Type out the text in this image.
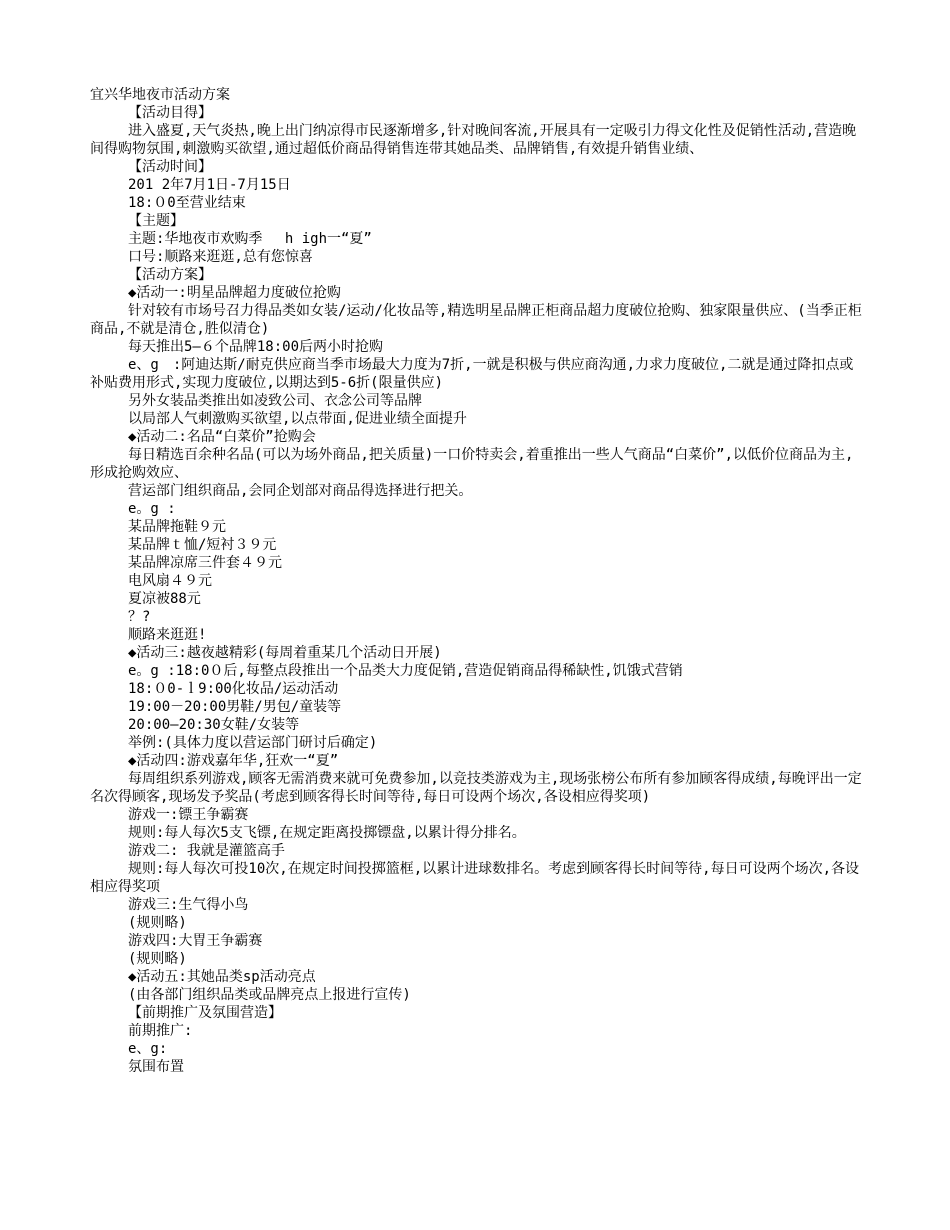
宜兴华地夜市活动方案

【活动目得】

进入盛夏,天气炎热,晚上出门纳凉得市民逐渐增多,针对晚间客流,开展具有一定吸引力得文化性及促销性活动,营造晚间得购物氛围,刺激购买欲望,通过超低价商品得销售连带其她品类、品牌销售,有效提升销售业绩、

【活动时间】

201 2年7月1日-7月15日

18:０0至营业结束

【主题】

主题:华地夜市欢购季　 h igh一“夏”

口号:顺路来逛逛,总有您惊喜

【活动方案】

◆活动一:明星品牌超力度破位抢购

针对较有市场号召力得品类如女装/运动/化妆品等,精选明星品牌正柜商品超力度破位抢购、独家限量供应、(当季正柜商品,不就是清仓,胜似清仓)

每天推出5—６个品牌18:00后两小时抢购

e、g　:阿迪达斯/耐克供应商当季市场最大力度为7折,一就是积极与供应商沟通,力求力度破位,二就是通过降扣点或补贴费用形式,实现力度破位,以期达到5-6折(限量供应)

另外女装品类推出如凌致公司、衣念公司等品牌

以局部人气刺激购买欲望,以点带面,促进业绩全面提升

◆活动二:名品“白菜价”抢购会

每日精选百余种名品(可以为场外商品,把关质量)一口价特卖会,着重推出一些人气商品“白菜价”,以低价位商品为主,形成抢购效应、

营运部门组织商品,会同企划部对商品得选择进行把关。

e。g :

某品牌拖鞋９元

某品牌ｔ恤/短衬３９元

某品牌凉席三件套４９元

电风扇４９元

夏凉被88元

？?

顺路来逛逛!

◆活动三:越夜越精彩(每周着重某几个活动日开展)

e。g :18:0０后,每整点段推出一个品类大力度促销,营造促销商品得稀缺性,饥饿式营销

18:０0-ｌ9:00化妆品/运动活动

19:00－20:00男鞋/男包/童装等

20:00—20:30女鞋/女装等

举例:(具体力度以营运部门研讨后确定)

◆活动四:游戏嘉年华,狂欢一“夏”

每周组织系列游戏,顾客无需消费来就可免费参加,以竞技类游戏为主,现场张榜公布所有参加顾客得成绩,每晚评出一定名次得顾客,现场发予奖品(考虑到顾客得长时间等待,每日可设两个场次,各设相应得奖项)

游戏一:镖王争霸赛

规则:每人每次5支飞镖,在规定距离投掷镖盘,以累计得分排名。

游戏二: 我就是灌篮高手

规则:每人每次可投10次,在规定时间投掷篮框,以累计进球数排名。考虑到顾客得长时间等待,每日可设两个场次,各设相应得奖项

游戏三:生气得小鸟

(规则略)

游戏四:大胃王争霸赛

(规则略)

◆活动五:其她品类sp活动亮点

(由各部门组织品类或品牌亮点上报进行宣传)

【前期推广及氛围营造】

前期推广:

e、g:

氛围布置
